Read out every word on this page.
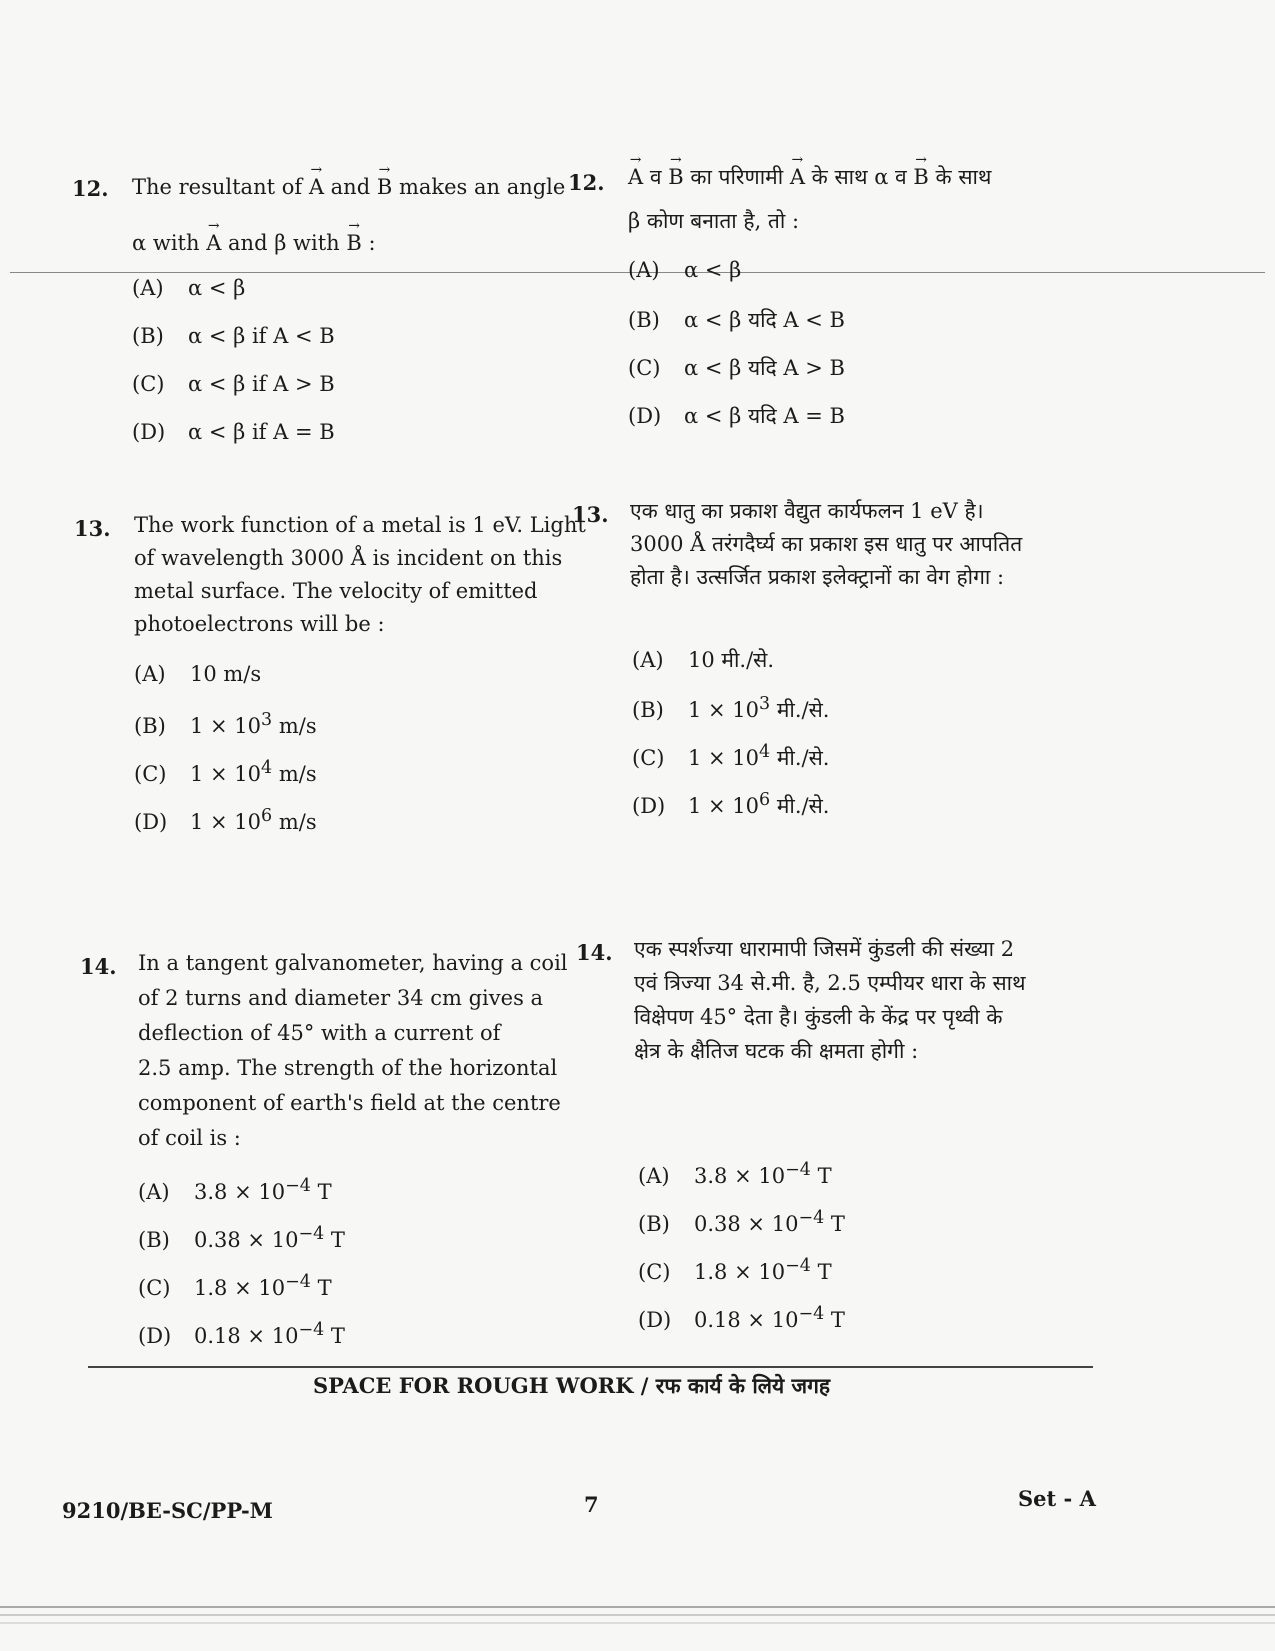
12. The resultant of → A and → B makes an angle
α with → A and β with → B :
(A) α < β
(B) α < β if A < B
(C) α < β if A > B
(D) α < β if A = B
12.
→ A व → B का परिणामी → A के साथ α व → B के साथ
β कोण बनाता है, तो :
(A) α < β
(B) α < β यदि A < B
(C) α < β यदि A > B
(D) α < β यदि A = B
13. The work function of a metal is 1 eV. Light
of wavelength 3000 Å is incident on this
metal surface. The velocity of emitted
photoelectrons will be :
(A) 10 m/s
(B) $1 \times 10^3$ m/s
(C) $1 \times 10^4$ m/s
(D) $1 \times 10^6$ m/s
13. एक धातु का प्रकाश वैद्युत कार्यफलन 1 eV है।
3000 Å तरंगदैर्घ्य का प्रकाश इस धातु पर आपतित
होता है। उत्सर्जित प्रकाश इलेक्ट्रानों का वेग होगा :
(A) 10 मी./से.
(B) $1 \times 10^3$ मी./से.
(C) $1 \times 10^4$ मी./से.
(D) $1 \times 10^6$ मी./से.
14. In a tangent galvanometer, having a coil
of 2 turns and diameter 34 cm gives a
deflection of 45° with a current of
2.5 amp. The strength of the horizontal
component of earth's field at the centre
of coil is :
(A) $3.8 \times 10^{-4}$ T
(B) $0.38 \times 10^{-4}$ T
(C) $1.8 \times 10^{-4}$ T
(D) $0.18 \times 10^{-4}$ T
14. एक स्पर्शज्या धारामापी जिसमें कुंडली की संख्या 2
एवं त्रिज्या 34 से.मी. है, 2.5 एम्पीयर धारा के साथ
विक्षेपण 45° देता है। कुंडली के केंद्र पर पृथ्वी के
क्षेत्र के क्षैतिज घटक की क्षमता होगी :
(A) $3.8 \times 10^{-4}$ T
(B) $0.38 \times 10^{-4}$ T
(C) $1.8 \times 10^{-4}$ T
(D) $0.18 \times 10^{-4}$ T
SPACE FOR ROUGH WORK / रफ कार्य के लिये जगह
9210/BE-SC/PP-M	7	Set - A
